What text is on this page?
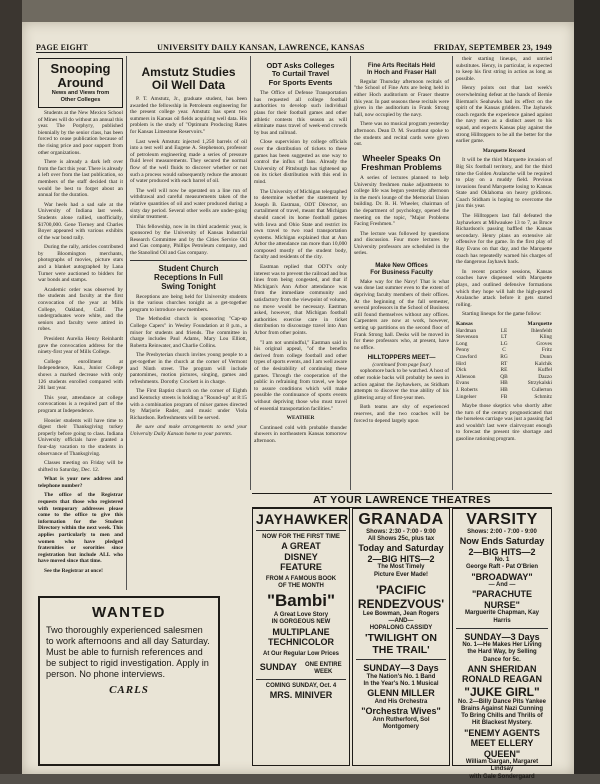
PAGE EIGHT	UNIVERSITY DAILY KANSAN, LAWRENCE, KANSAS	FRIDAY, SEPTEMBER 23, 1949
Snooping
Around
News and Views from
Other Colleges

Students at the New Mexico School of Mines will do without an annual this year. The Porphyry, published biennially by the senior class, has been forced to cease publication because of the rising price and poor support from other organizations.

There is already a dark left over from the fact this year. There is already a left over from the last publication, so members of the staff decided that it would be best to forget about an annual for the duration.

War heels had a sad sale at the University of Indiana last week. Students alone rallied, unofficially, $1700,000. Gene Tierney and Charles Boyer appeared with various exhibits of the war bond rally.

During the rally, articles contributed by Bloomington merchants, photographs of movies, picture stars and a blanket autographed by Lana Turner were auctioned to bidders for war bonds and stamps.

Academic order was observed by the students and faculty at the first convocation of the year at Mills College, Oakland, Calif. The undergraduates wore white, and the seniors and faculty were attired in robes.

President Aurelia Henry Reinhardt gave the convocation address for the ninety-first year of Mills College.

College enrollment at Independence, Kan., Junior College shows a marked decrease with only 126 students enrolled compared with 281 last year.

This year, attendance at college convocations is a required part of the program at Independence.

Hoosier students will have time to digest their Thanksgiving turkey properly before going to class. Indiana University officials have granted a four-day vacation to the students in observance of Thanksgiving.

Classes meeting on Friday will be shifted to Saturday, Dec. 12.

What is your new address and telephone number?

The office of the Registrar requests that those who registered with temporary addresses please come to the office to give this information for the Student Directory within the next week. This applies particularly to men and women who have pledged fraternities or sororities since registration but include ALL who have moved since that time.

See the Registrar at once!

Amstutz Studies
Oil Well Data

P. T. Amstutz, Jr., graduate student, has been awarded the fellowship in Petroleum engineering for the present college year. Amstutz has spent two summers in Kansas oil fields acquiring well data. His problem is the study of "Optimum Producing Rates for Kansas Limestone Reservoirs."

Last week Amstutz injected 1,250 barrels of oil into a test well and Eugene A. Stephenson, professor of petroleum engineering made a series of pressure fluid level measurements. They secured the normal flow of the well fluids to discover whether or not such a process would subsequently reduce the amount of water produced with each barrel of oil.

The well will now be operated on a line run of withdrawal and careful measurements taken of the relative quantities of oil and water produced during a sixty day period. Several other wells are under-going similar treatment.

This fellowship, now in its third academic year, is sponsored by the University of Kansas Industrial Research Committee and by the Cities Service Oil and Gas company, Phillips Petroleum company, and the Stanolind Oil and Gas company.

Student Church
Receptions In Full
Swing Tonight

Receptions are being held for University students in the various churches tonight as a get-together program to introduce new members.

The Methodist church is sponsoring "Cap-up College Capers" in Wesley Foundation at 8 p.m., a mixer for students and friends. The committee in charge includes Paul Adams, Mary Lou Elliott, Roberta Reinwater, and Charlie Collins.

The Presbyterian church invites young people to a get-together in the church at the corner of Vermont and Ninth street. The program will include pantomimes, motion pictures, singing, games and refreshments. Dorothy Crockett is in charge.

The First Baptist church on the corner of Eighth and Kentucky streets is holding a "Round-up" at 8:15 with a combination program of mixer games directed by Marjorie Rader, and music under Viola Richardson. Refreshments will be served.

Be sure and make arrangements to send your University Daily Kansan home to your parents.

ODT Asks Colleges
To Curtail Travel
For Sports Events

The Office of Defense Transportation has requested all college football authorities to develop such individual plans for their football games and other athletic contests this season as will eliminate mass travel of week-end crowds by bus and railroad.

Close supervision by college officials over the distribution of tickets to these games has been suggested as one way to control the influx of fans. Already the University of Pittsburgh has tightened up on its ticket distribution with this end in mind.

The University of Michigan telegraphed to determine whether the statement by Joseph B. Eastman, ODT Director, on curtailment of travel, meant that Michigan should cancel its home football games with Iowa and Ohio State and restrict its own travel to two road transportation systems. Michigan explained that at Ann Arbor the attendance ran more than 10,000 composed mostly of the student body, faculty and residents of the city.

Eastman replied that ODT's only interest was to prevent the railroad and bus lines from being congested, and that if Michigan's Ann Arbor attendance was from the immediate community and satisfactory from the viewpoint of volume, no move would be necessary. Eastman asked, however, that Michigan football authorities exercise care in ticket distribution to discourage travel into Ann Arbor from other points.

"I am not unmindful," Eastman said in his original appeal, "of the benefits derived from college football and other types of sports events, and I am well aware of the desirability of continuing these games. Through the cooperation of the public in refraining from travel, we hope to assure conditions which will make possible the continuance of sports events without depriving those who must travel of essential transportation facilities."

WEATHER

Continued cold with probable thunder showers in northeastern Kansas tomorrow afternoon.

Fine Arts Recitals Held
In Hoch and Fraser Hall

Regular Thursday afternoon recitals of "the School of Fine Arts are being held in either Hoch auditorium or Fraser theatre this year. In past seasons these recitals were given in the auditorium in Frank Strong hall, now occupied by the navy.

There was no musical program yesterday afternoon. Dean D. M. Swarthout spoke to the students and recital cards were given out.

Wheeler Speaks On
Freshman Problems

A series of lectures planned to help University freshmen make adjustments to college life was begun yesterday afternoon in the men's lounge of the Memorial Union building. Dr. R. H. Wheeler, chairman of the department of psychology, opened the meeting on the topic, "Major Problems Facing Freshmen."

The lecture was followed by questions and discussion. Four more lectures by University professors are scheduled in the series.

Make New Offices
For Business Faculty

Make way for the Navy! That is what was done last summer even to the extent of depriving faculty members of their offices. At the beginning of the fall semester, several professors in the School of Business still found themselves without any offices. Carpenters are now at work, however, setting up partitions on the second floor of Frank Strong hall. Desks will be moved in for these professors who, at present, have no office.

HILLTOPPERS MEET—
(continued from page four)

sophomore back to be watched. A host of other rookie backs will probably be seen in action against the Jayhawkers, as Stidham attempts to discover the true ability of his glittering array of first-year men.

Both teams are shy of experienced reserves, and the two coaches will be forced to depend largely upon

their starting lineups, and untried substitutes. Henry, in particular, is expected to keep his first string in action as long as possible.

Henry points out that last week's overwhelming defeat at the hands of Bernie Bierman's Seahawks had its effect on the spirit of the Kansas gridders. The Jayhawk coach regards the experience gained against the navy men as a distinct asset to his squad, and expects Kansas play against the strong Hilltoppers to be all the better for the earlier game.

Marquette Record

It will be the third Marquette invasion of Big Six football territory, and for the third time the Golden Avalanche will be required to play on a muddy field. Previous invasions found Marquette losing to Kansas State and Oklahoma on heavy gridirons. Coach Stidham is hoping to overcome the jinx this year.

The Hilltoppers last fall defeated the Jayhawkers at Milwaukee 13 to 7, as Bruce Richardson's passing baffled the Kansas secondary. Henry plans an extensive air offensive for the game. In the first play of Ray Evans on that day, and the Marquette coach has repeatedly warned his charges of the dangerous Jayhawk back.

In recent practice sessions, Kansas coaches have dispensed with Marquette plays, and outlined defensive formations which they hope will halt the high-geared Avalanche attack before it gets started rolling.

Starting lineups for the game follow:

Kansas	Marquette
Hardman	LE	Ihlenfeldt
Stevenson	LT	Kling
Long	LG	Groves
Penny	C	Fritz
Crawford	RG	Dunn
Hird	RT	Kalchik
Dick	RE	Kuffel
Allenson	QB	Dazzo
Evans	HB	Strzykalski
J. Roberts	HB	Cullerton
Lingelser	FB	Schmitz

Maybe those skeptics who shortly after the turn of the century prognosticated that the horseless carriage was just a passing fad and wouldn't last were clairvoyant enough to forecast the present tire shortage and gasoline rationing program.

WANTED
Two thoroughly experienced salesmen to work afternoons and all day Saturday. Must be able to furnish references and be subject to rigid investigation. Apply in person. No phone interviews.
CARLS
AT YOUR LAWRENCE THEATRES
JAYHAWKER
NOW FOR THE FIRST TIME
A GREAT
DISNEY
FEATURE
FROM A FAMOUS BOOK
OF THE MONTH
"Bambi"
A Great Love Story
IN GORGEOUS NEW
MULTIPLANE
TECHNICOLOR
At Our Regular Low Prices
SUNDAY ONE ENTIRE WEEK
COMING SUNDAY, Oct. 4
MRS. MINIVER
GRANADA
Shows: 2:30 - 7:00 - 9:00
All Shows 25c, plus tax
Today and Saturday
2—BIG HITS—2
The Most Timely
Picture Ever Made!
'PACIFIC
RENDEZVOUS'
Lee Bowman, Jean Rogers
—AND—
HOPALONG CASSIDY
'TWILIGHT ON
THE TRAIL'
SUNDAY—3 Days
The Nation's No. 1 Band
In the Year's No. 1 Musical
GLENN MILLER
And His Orchestra
"Orchestra Wives"
Ann Rutherford, Sol Montgomery
VARSITY
Shows: 2:00 - 7:00 - 9:00
Now Ends Saturday
2—BIG HITS—2
No. 1
George Raft - Pat O'Brien
"BROADWAY"
— And —
"PARACHUTE NURSE"
Marguerite Chapman, Kay Harris
SUNDAY—3 Days
No. 1—He Makes Her Living
the Hard Way, by Selling
Dance for 5c.
ANN SHERIDAN
RONALD REAGAN
"JUKE GIRL"
No. 2—Billy Dance Pits Yankee Brains Against Nazi Cunning
To Bring Chills and Thrills of
Hit Blackest Mystery.
"ENEMY AGENTS
MEET ELLERY
QUEEN"
William Gargan, Margaret Lindsay
with Gale Sondergaard
